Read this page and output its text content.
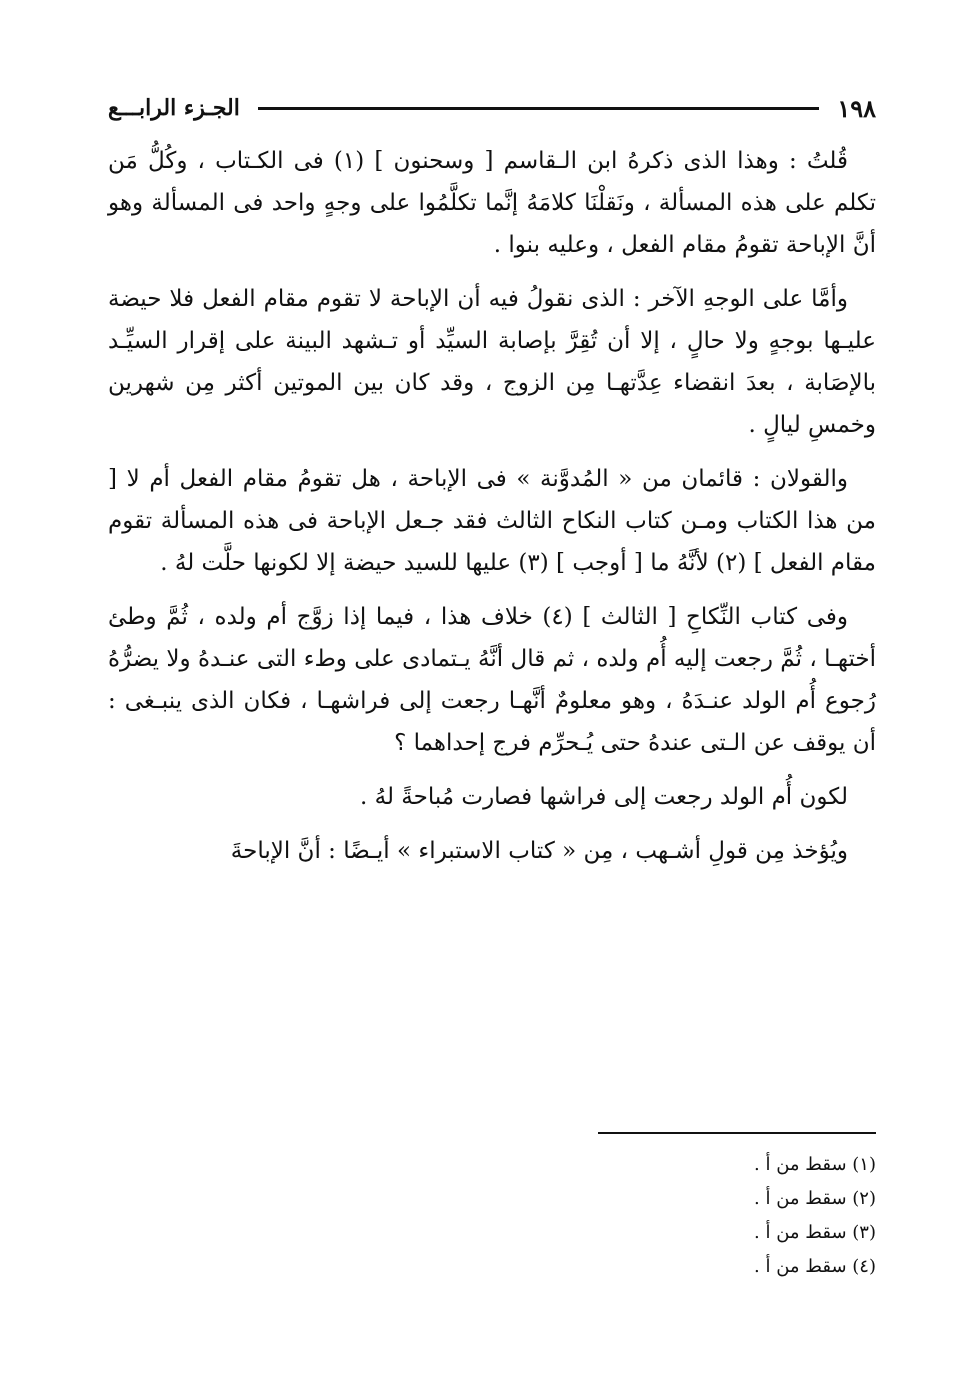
١٩٨
الجـزء الرابـــع

قُلتُ : وهذا الذى ذكرهُ ابن الـقاسم [ وسحنون ] (١) فى الكـتاب ، وكُلُّ مَن تكلم على هذه المسألة ، ونَقلْنَا كلامَهُ إنَّما تكلَّمُوا على وجهٍ واحد فى المسألة وهو أنَّ الإباحة تقومُ مقام الفعل ، وعليه بنوا .

وأمَّا على الوجهِ الآخر : الذى نقولُ فيه أن الإباحة لا تقوم مقام الفعل فلا حيضة عليـها بوجهٍ ولا حالٍ ، إلا أن تُقِرَّ بإصابة السيِّد أو تـشهد البينة على إقرار السيِّـد بالإصَابة ، بعدَ انقضاء عِدَّتهـا مِن الزوج ، وقد كان بين الموتين أكثر مِن شهرين وخمسِ ليالٍ .

والقولان : قائمان من « المُدوَّنة » فى الإباحة ، هل تقومُ مقام الفعل أم لا [ من هذا الكتاب ومـن كتاب النكاح الثالث فقد جـعل الإباحة فى هذه المسألة تقوم مقام الفعل ] (٢) لأنَّهُ ما [ أوجب ] (٣) عليها للسيد حيضة إلا لكونها حلَّت لهُ .

وفى كتاب النِّكاحِ [ الثالث ] (٤) خلاف هذا ، فيما إذا زوَّج أم ولده ، ثُمَّ وطئ أختهـا ، ثُمَّ رجعت إليه أُم ولده ، ثم قال أنَّهُ يـتمادى على وطء التى عنـدهُ ولا يضرُّهُ رُجوع أُم الولد عنـدَهُ ، وهو معلومٌ أنَّهـا رجعت إلى فراشهـا ، فكان الذى ينبـغى : أن يوقف عن الـتى عندهُ حتى يُـحرِّم فرج إحداهما ؟

لكون أُم الولد رجعت إلى فراشها فصارت مُباحةً لهُ .

ويُؤخذ مِن قولِ أشـهب ، مِن « كتاب الاستبراء » أيـضًا : أنَّ الإباحةَ

(١) سقط من أ .
(٢) سقط من أ .
(٣) سقط من أ .
(٤) سقط من أ .
